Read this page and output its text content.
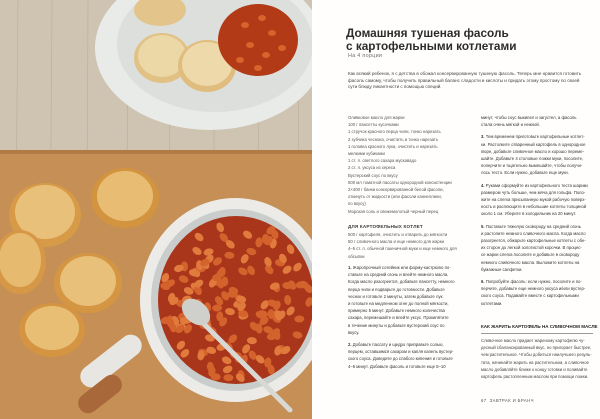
Домашняя тушеная фасоль
с картофельными котлетами
На 4 порции
Как всякий ребенок, я с детства в обожал консервированную тушеную фасоль. Теперь мне нравится готовить
фасоль самому, чтобы получить правильный баланс сладости и кислоты и придать этому простому по своей
сути блюду пикантности с помощью специй.
Оливковое масло для жарки
100 г пансетты кусочками
1 стручок красного перца чили, тонко нарезать
2 зубчика чеснока, очистить и тонко нарезать
1 головка красного лука, очистить и нарезать
мелкими кубиками
1 ст. л. светлого сахара мускавадо
2 ст. л. уксуса из хереса
Вустерский соус по вкусу
500 мл томатной пассаты однородной консистенции
2×400 г банки консервированной белой фасоли,
откинуть от жидкости (или фасоли каннеллини,
по вкусу)
Морская соль и свежемолотый черный перец
ДЛЯ КАРТОФЕЛЬНЫХ КОТЛЕТ
500 г картофеля, очистить и отварить до мягкости
50 г сливочного масла и еще немного для жарки
4–5 ст. л. обычной пшеничной муки и еще немного для
обсыпки
1. Жаропрочный сотейник или форму-кастрюлю по-
ставьте на средний огонь и влейте немного масла.
Когда масло разогреется, добавьте пансетту, немного
перца чили и подварьте до готовности. Добавьте
чеснок и готовьте 2 минуты, затем добавьте лук
и готовьте на медленном огне до полной мягкости,
примерно 5 минут. Добавьте немного количества
сахара, перемешайте и влейте уксус. Прокипятите
в течение минуты и добавьте вустерский соус по
вкусу.
2. Добавьте пассату и щедро приправьте солью,
перцем, оставшимся сахаром и капля капель вустер-
ского соуса. Доведите до слабого кипения и готовьте
4–5 минут. Добавьте фасоль и готовьте еще 5–10
минут, чтобы соус выкипел и загустел, а фасоль
стала очень мягкой и нежной.
3. Тем временем приготовьте картофельные котлет-
ки. Растолките отваренный картофель в однородное
пюре, добавьте сливочное масло и хорошо переме-
шайте. Добавьте 4 столовые ложки муки, посолите,
поперчите и тщательно вымешайте, чтобы получи-
лось тесто. Если нужно, добавьте еще муки.
4. Руками сформуйте из картофельного теста шарики
размером чуть больше, чем мяча для гольфа. Поло-
жите на слегка присыпанную мукой рабочую поверх-
ность и расплющите в небольшие котлеты толщиной
около 1 см. Уберите в холодильник на 20 минут.
5. Поставьте тяжелую сковороду на средний огонь
и растопите немного сливочного масла. Когда масло
разогреется, обжарьте картофельные котлеты с обе-
их сторон до легкой золотистой корочки. В процес-
се жарки слегка посолите и добавьте в сковороду
немного сливочного масла. Выложите котлеты на
бумажные салфетки.
6. Попробуйте фасоль: если нужно, посолите и по-
перчите, добавьте еще немного уксуса и/или вустер-
ского соуса. Подавайте вместе с картофельными
котлетами.
КАК ЖАРИТЬ КАРТОФЕЛЬ НА СЛИВОЧНОМ МАСЛЕ
Сливочное масло придает жареному картофелю чу-
десный сбалансированный вкус, но пригорает быстрее,
чем растительное. Чтобы добиться наилучшего резуль-
тата, начинайте жарить на растительном, а сливочное
масло добавляйте ближе к концу готовки и поливайте
картофель растопленным маслом при помощи ложки.
67 ЗАВТРАК И БРАНЧ
